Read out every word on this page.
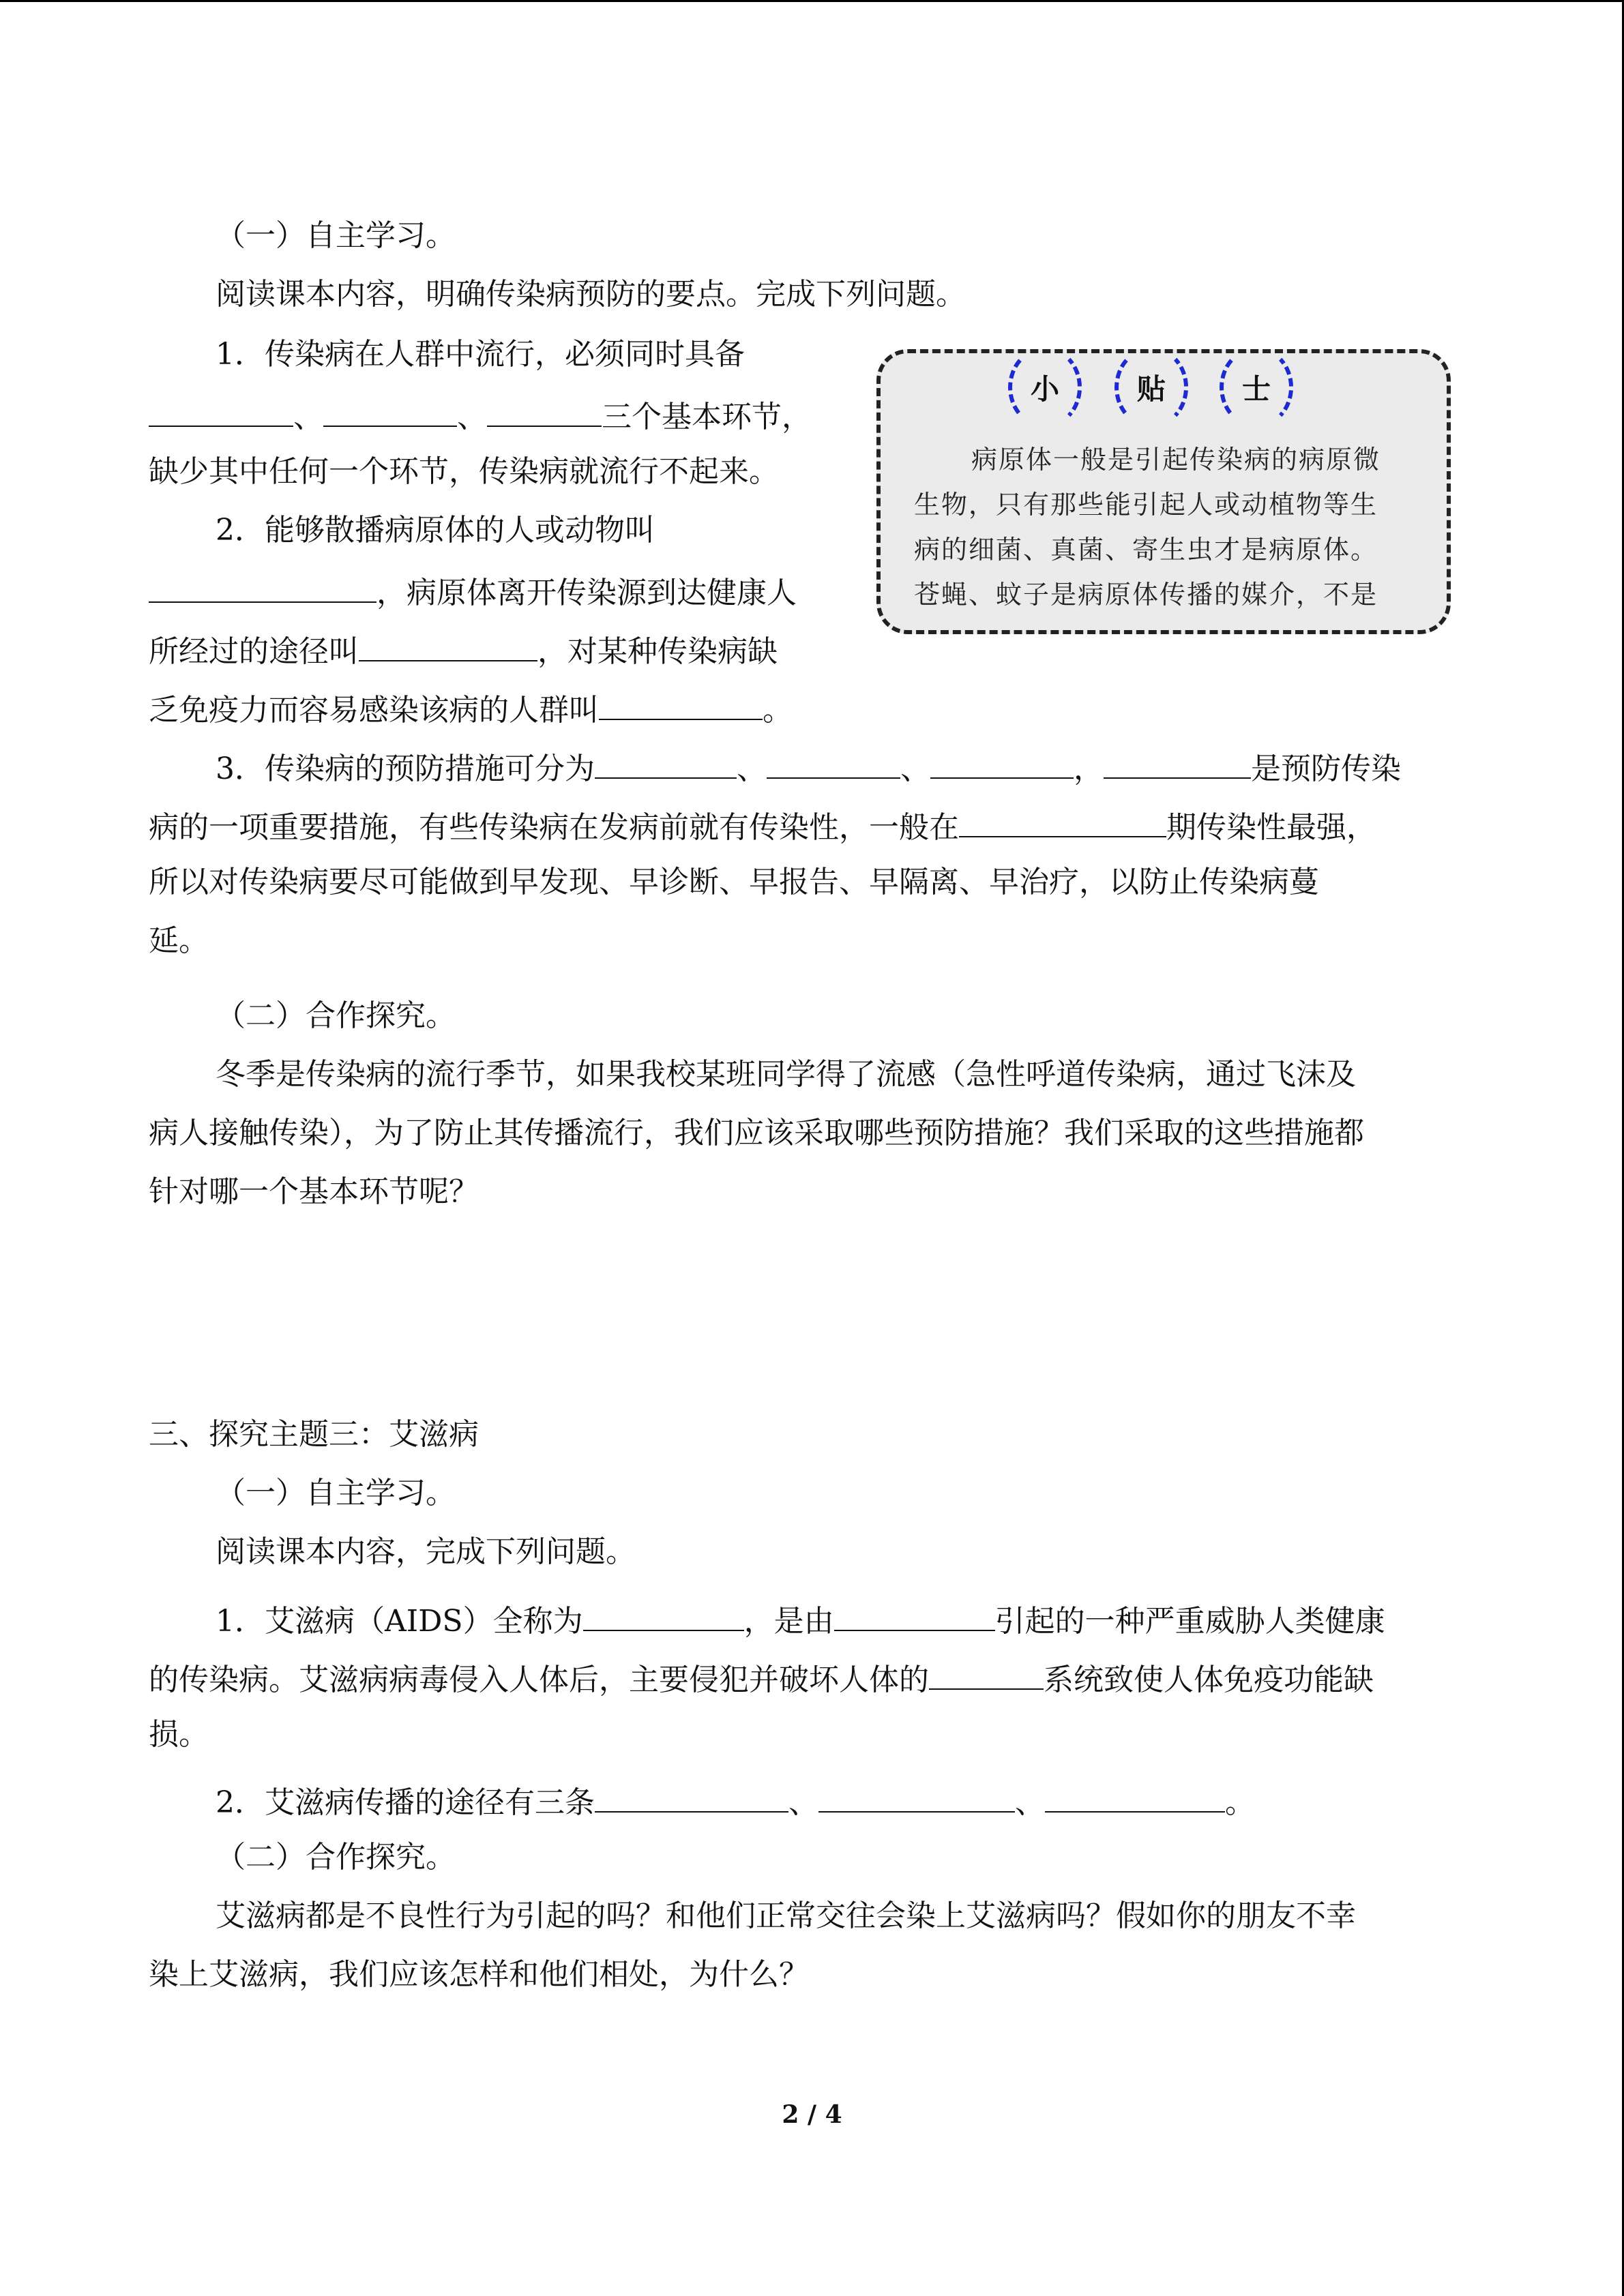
（一）自主学习。
阅读课本内容，明确传染病预防的要点。完成下列问题。
1．传染病在人群中流行，必须同时具备
、	、	三个基本环节，
缺少其中任何一个环节，传染病就流行不起来。
2．能够散播病原体的人或动物叫
，病原体离开传染源到达健康人
所经过的途径叫	，对某种传染病缺
乏免疫力而容易感染该病的人群叫	。
3．传染病的预防措施可分为	、	、	，	是预防传染
病的一项重要措施，有些传染病在发病前就有传染性，一般在	期传染性最强，
所以对传染病要尽可能做到早发现、早诊断、早报告、早隔离、早治疗，以防止传染病蔓
延。
（二）合作探究。
冬季是传染病的流行季节，如果我校某班同学得了流感（急性呼道传染病，通过飞沫及
病人接触传染），为了防止其传播流行，我们应该采取哪些预防措施？我们采取的这些措施都
针对哪一个基本环节呢？
小	贴	士
病原体一般是引起传染病的病原微
生物，只有那些能引起人或动植物等生
病的细菌、真菌、寄生虫才是病原体。
苍蝇、蚊子是病原体传播的媒介，不是
三、探究主题三：艾滋病
（一）自主学习。
阅读课本内容，完成下列问题。
1．艾滋病（AIDS）全称为	，是由	引起的一种严重威胁人类健康
的传染病。艾滋病病毒侵入人体后，主要侵犯并破坏人体的	系统致使人体免疫功能缺
损。
2．艾滋病传播的途径有三条	、	、	。
（二）合作探究。
艾滋病都是不良性行为引起的吗？和他们正常交往会染上艾滋病吗？假如你的朋友不幸
染上艾滋病，我们应该怎样和他们相处，为什么？
2 / 4
